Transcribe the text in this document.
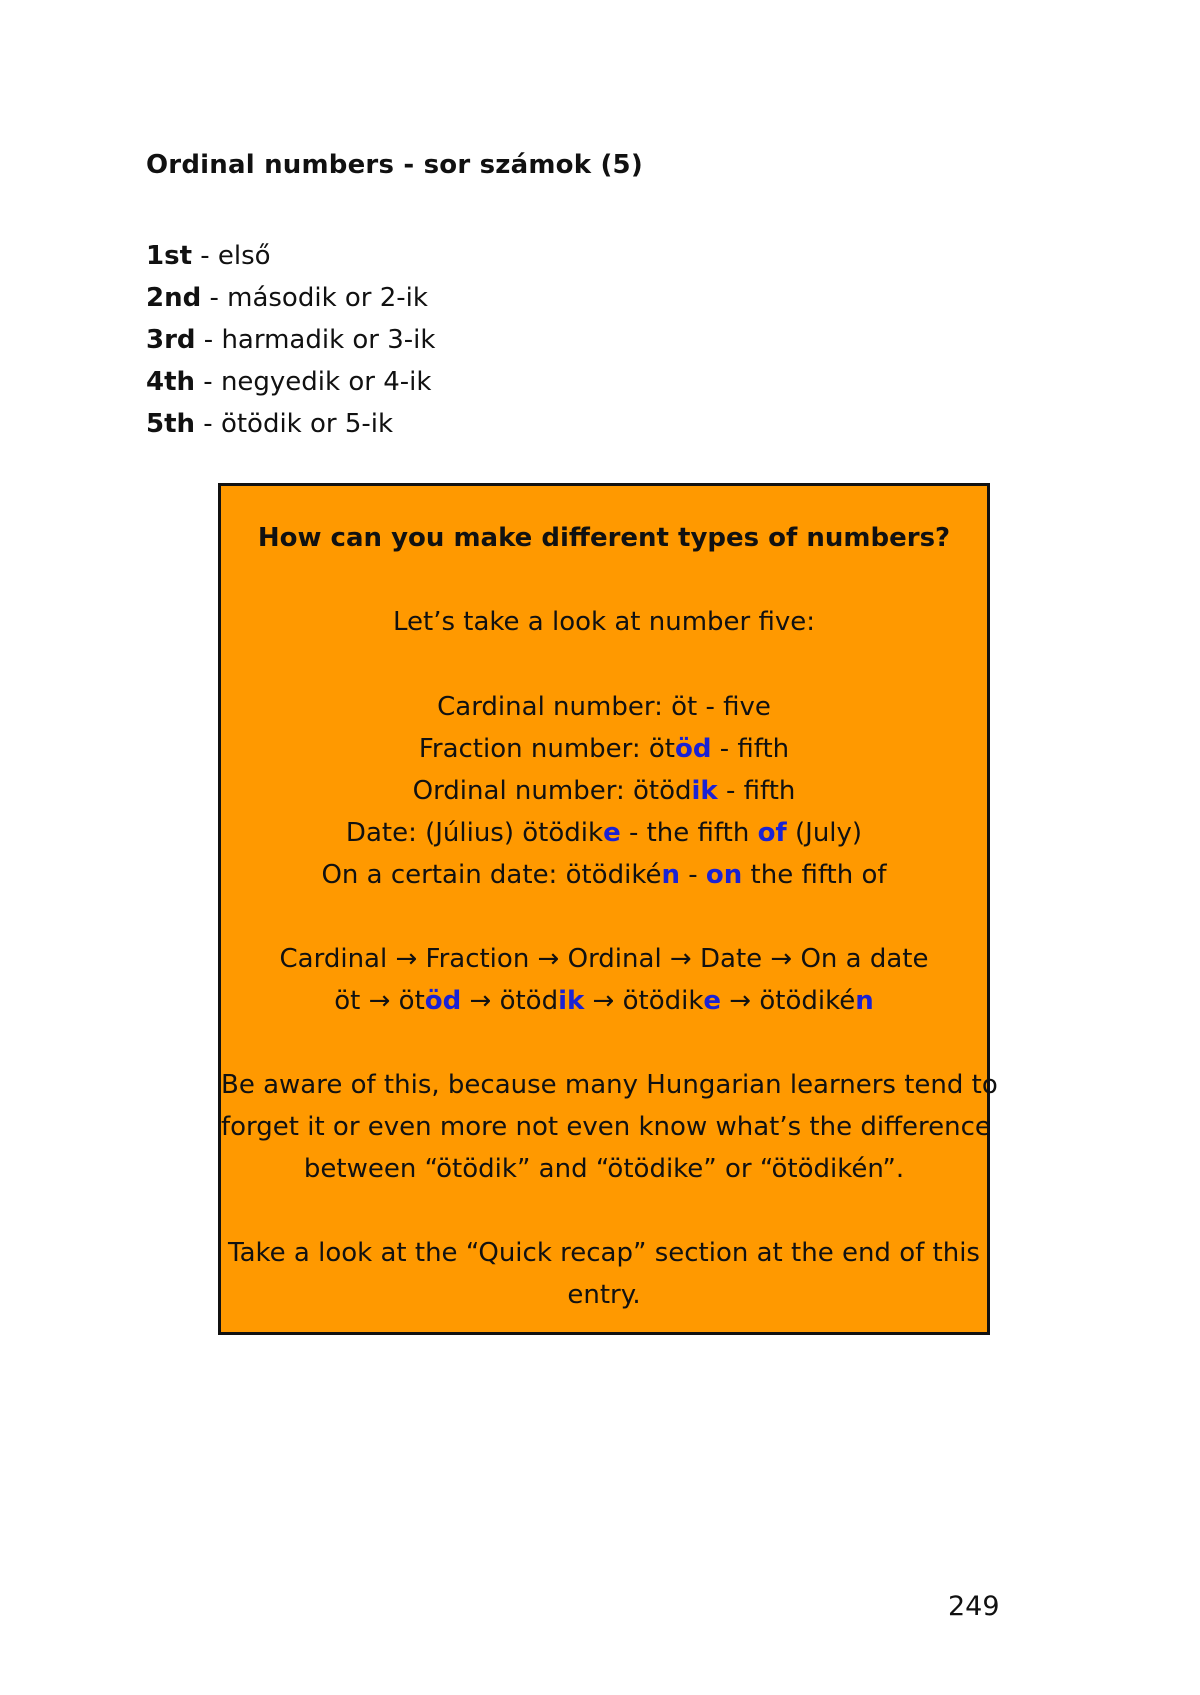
Ordinal numbers - sor számok (5)
1st - első
2nd - második or 2-ik
3rd - harmadik or 3-ik
4th - negyedik or 4-ik
5th - ötödik or 5-ik
How can you make different types of numbers?
Let’s take a look at number five:
Cardinal number: öt - five
Fraction number: ötöd - fifth
Ordinal number: ötödik - fifth
Date: (Július) ötödike - the fifth of (July)
On a certain date: ötödikén - on the fifth of
Cardinal → Fraction → Ordinal → Date → On a date
öt → ötöd → ötödik → ötödike → ötödikén
Be aware of this, because many Hungarian learners tend to
forget it or even more not even know what’s the difference
between “ötödik” and “ötödike” or “ötödikén”.
Take a look at the “Quick recap” section at the end of this
entry.
249
